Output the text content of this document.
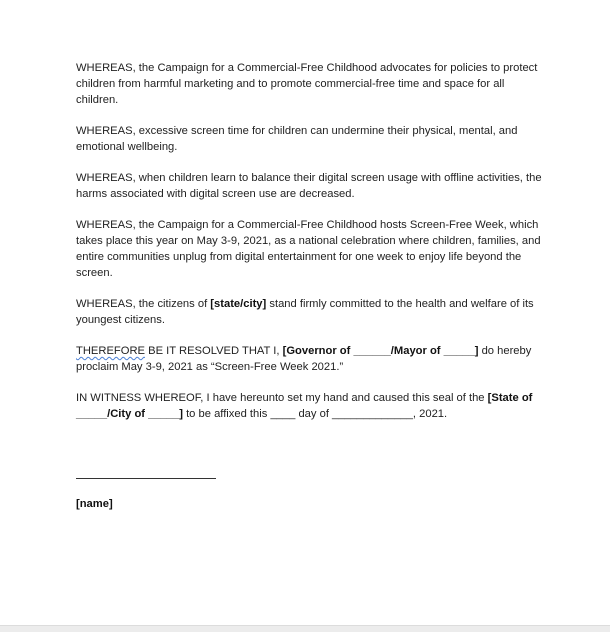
WHEREAS, the Campaign for a Commercial-Free Childhood advocates for policies to protect children from harmful marketing and to promote commercial-free time and space for all children.

WHEREAS, excessive screen time for children can undermine their physical, mental, and emotional wellbeing.

WHEREAS, when children learn to balance their digital screen usage with offline activities, the harms associated with digital screen use are decreased.

WHEREAS, the Campaign for a Commercial-Free Childhood hosts Screen-Free Week, which takes place this year on May 3-9, 2021, as a national celebration where children, families, and entire communities unplug from digital entertainment for one week to enjoy life beyond the screen.

WHEREAS, the citizens of [state/city] stand firmly committed to the health and welfare of its youngest citizens.

THEREFORE BE IT RESOLVED THAT I, [Governor of ______/Mayor of _____] do hereby proclaim May 3-9, 2021 as “Screen-Free Week 2021.”

IN WITNESS WHEREOF, I have hereunto set my hand and caused this seal of the [State of _____/City of _____] to be affixed this ____ day of _____________, 2021.

[name]
